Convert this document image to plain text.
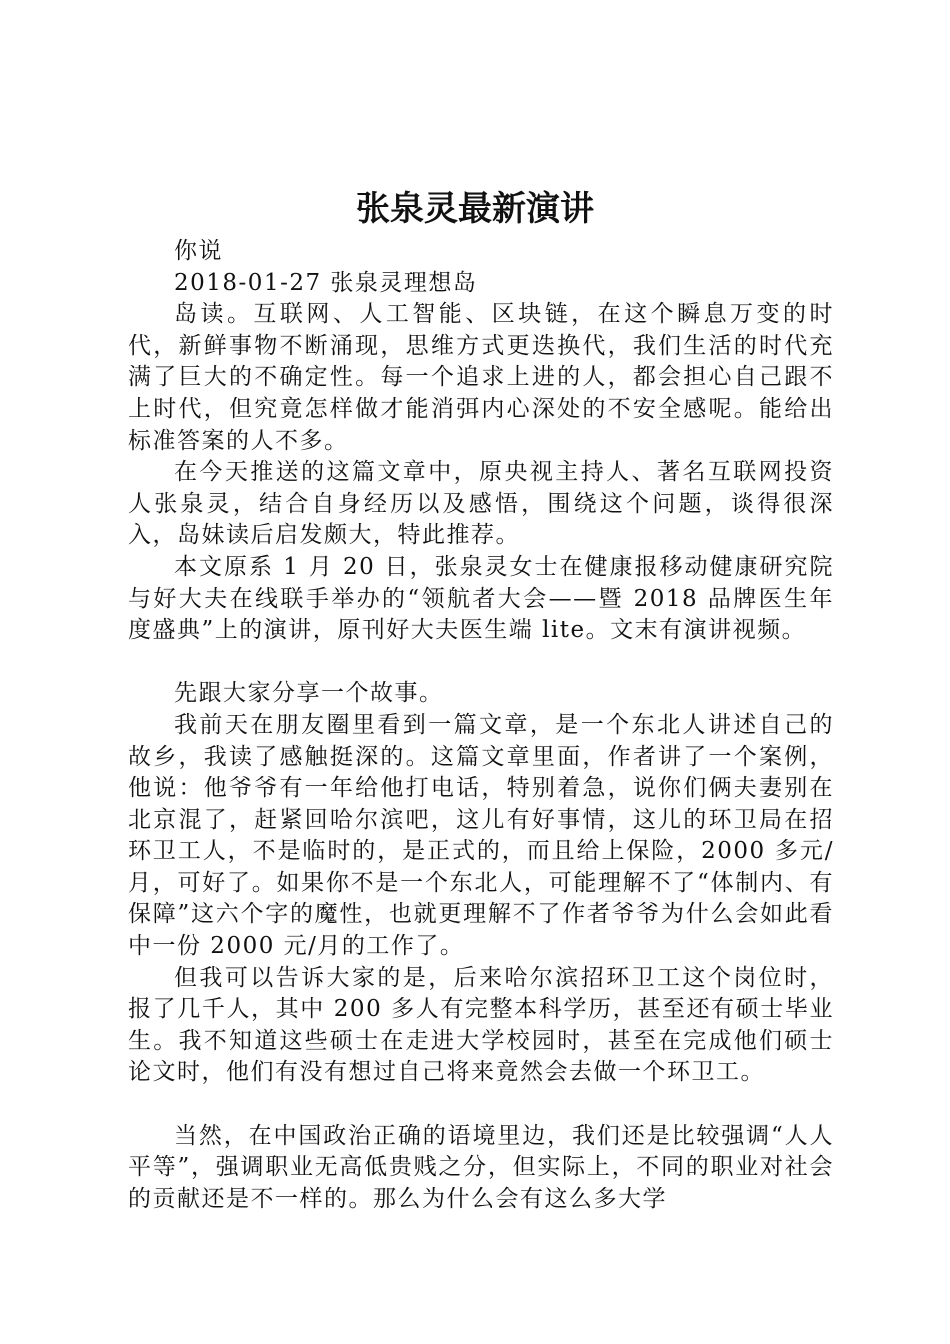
张泉灵最新演讲

你说

2018-01-27 张泉灵理想岛

岛读。互联网、人工智能、区块链，在这个瞬息万变的时代，新鲜事物不断涌现，思维方式更迭换代，我们生活的时代充满了巨大的不确定性。每一个追求上进的人，都会担心自己跟不上时代，但究竟怎样做才能消弭内心深处的不安全感呢。能给出标准答案的人不多。

在今天推送的这篇文章中，原央视主持人、著名互联网投资人张泉灵，结合自身经历以及感悟，围绕这个问题，谈得很深入，岛妹读后启发颇大，特此推荐。

本文原系 1 月 20 日，张泉灵女士在健康报移动健康研究院与好大夫在线联手举办的“领航者大会——暨 2018 品牌医生年度盛典”上的演讲，原刊好大夫医生端 lite。文末有演讲视频。

先跟大家分享一个故事。

我前天在朋友圈里看到一篇文章，是一个东北人讲述自己的故乡，我读了感触挺深的。这篇文章里面，作者讲了一个案例，他说：他爷爷有一年给他打电话，特别着急，说你们俩夫妻别在北京混了，赶紧回哈尔滨吧，这儿有好事情，这儿的环卫局在招环卫工人，不是临时的，是正式的，而且给上保险，2000 多元/月，可好了。如果你不是一个东北人，可能理解不了“体制内、有保障”这六个字的魔性，也就更理解不了作者爷爷为什么会如此看中一份 2000 元/月的工作了。

但我可以告诉大家的是，后来哈尔滨招环卫工这个岗位时，报了几千人，其中 200 多人有完整本科学历，甚至还有硕士毕业生。我不知道这些硕士在走进大学校园时，甚至在完成他们硕士论文时，他们有没有想过自己将来竟然会去做一个环卫工。

当然，在中国政治正确的语境里边，我们还是比较强调“人人平等”，强调职业无高低贵贱之分，但实际上，不同的职业对社会的贡献还是不一样的。那么为什么会有这么多大学
